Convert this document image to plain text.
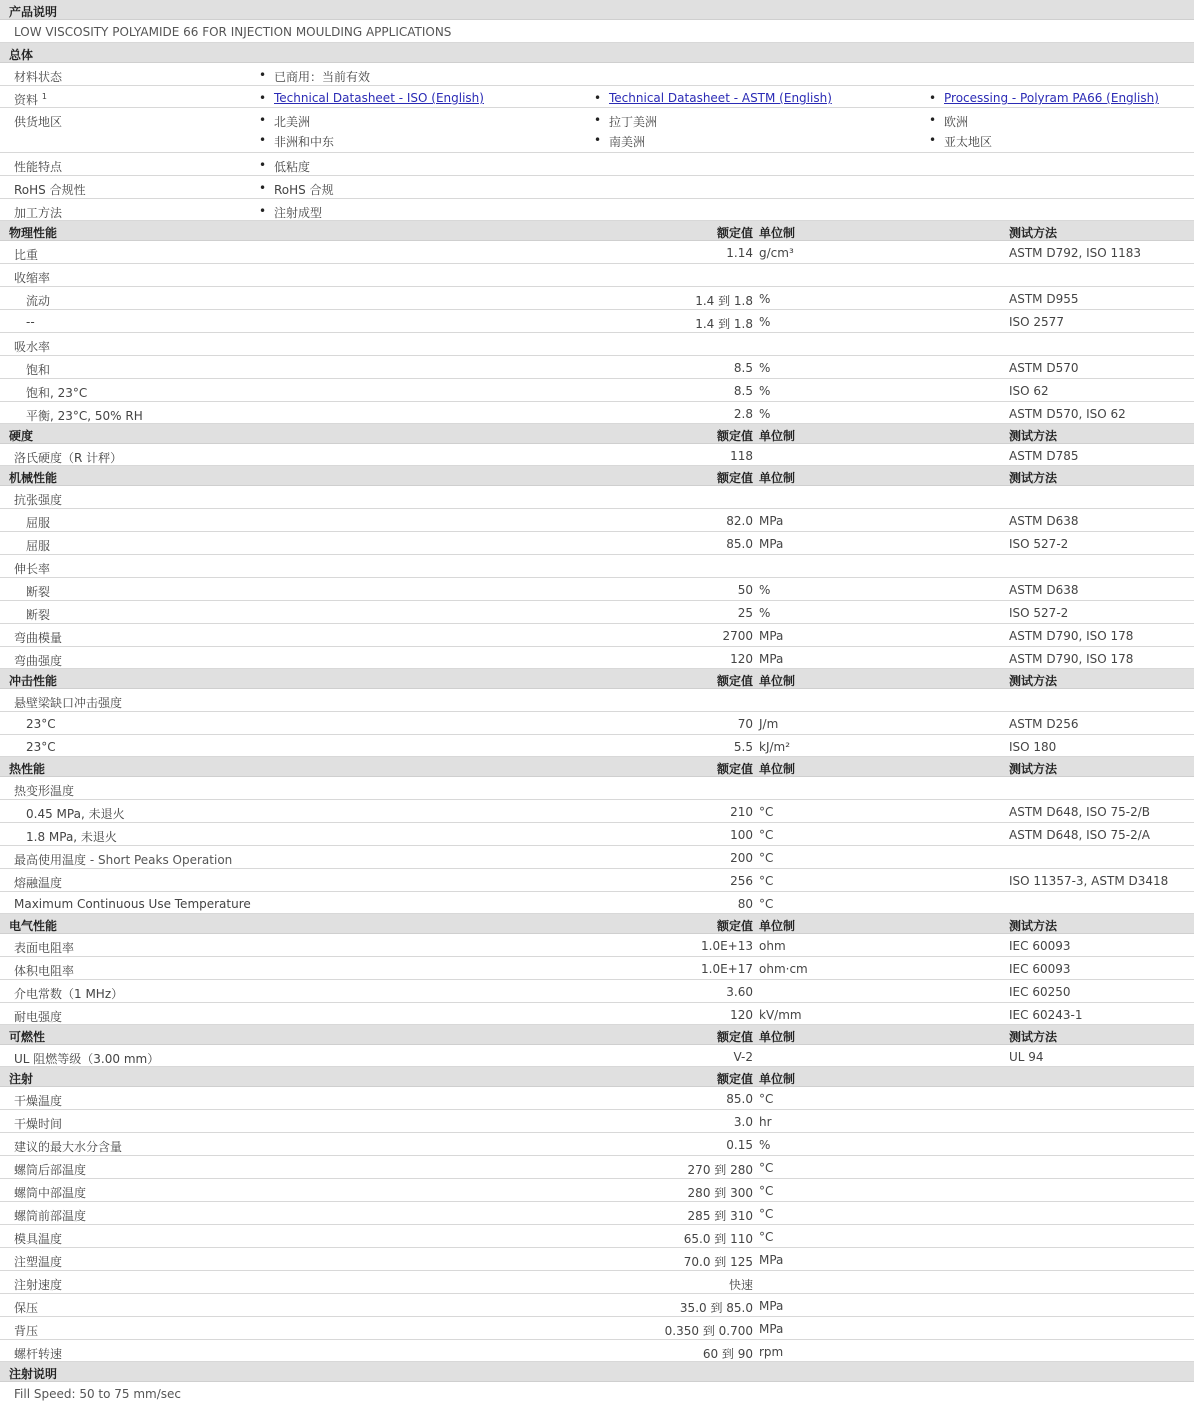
产品说明
LOW VISCOSITY POLYAMIDE 66 FOR INJECTION MOULDING APPLICATIONS
总体
材料状态	• 已商用：当前有效
资料 $^1$	• Technical Datasheet - ISO (English)	• Technical Datasheet - ASTM (English)	• Processing - Polyram PA66 (English)
供货地区	• 北美洲	• 拉丁美洲	• 欧洲
• 非洲和中东	• 南美洲	• 亚太地区
性能特点	• 低粘度
RoHS 合规性	• RoHS 合规
加工方法	• 注射成型
物理性能	额定值 单位制	测试方法
比重	1.14 g/cm³	ASTM D792, ISO 1183
收缩率
流动	1.4 到 1.8 %	ASTM D955
--	1.4 到 1.8 %	ISO 2577
吸水率
饱和	8.5 %	ASTM D570
饱和, 23°C	8.5 %	ISO 62
平衡, 23°C, 50% RH	2.8 %	ASTM D570, ISO 62
硬度	额定值 单位制	测试方法
洛氏硬度（R 计秤）	118	ASTM D785
机械性能	额定值 单位制	测试方法
抗张强度
屈服	82.0 MPa	ASTM D638
屈服	85.0 MPa	ISO 527-2
伸长率
断裂	50 %	ASTM D638
断裂	25 %	ISO 527-2
弯曲模量	2700 MPa	ASTM D790, ISO 178
弯曲强度	120 MPa	ASTM D790, ISO 178
冲击性能	额定值 单位制	测试方法
悬壁梁缺口冲击强度
23°C	70 J/m	ASTM D256
23°C	5.5 kJ/m²	ISO 180
热性能	额定值 单位制	测试方法
热变形温度
0.45 MPa, 未退火	210 °C	ASTM D648, ISO 75-2/B
1.8 MPa, 未退火	100 °C	ASTM D648, ISO 75-2/A
最高使用温度 - Short Peaks Operation	200 °C
熔融温度	256 °C	ISO 11357-3, ASTM D3418
Maximum Continuous Use Temperature	80 °C
电气性能	额定值 单位制	测试方法
表面电阻率	1.0E+13 ohm	IEC 60093
体积电阻率	1.0E+17 ohm·cm	IEC 60093
介电常数（1 MHz）	3.60	IEC 60250
耐电强度	120 kV/mm	IEC 60243-1
可燃性	额定值 单位制	测试方法
UL 阻燃等级（3.00 mm）	V-2	UL 94
注射	额定值 单位制
干燥温度	85.0 °C
干燥时间	3.0 hr
建议的最大水分含量	0.15 %
螺筒后部温度	270 到 280 °C
螺筒中部温度	280 到 300 °C
螺筒前部温度	285 到 310 °C
模具温度	65.0 到 110 °C
注塑温度	70.0 到 125 MPa
注射速度	快速
保压	35.0 到 85.0 MPa
背压	0.350 到 0.700 MPa
螺杆转速	60 到 90 rpm
注射说明
Fill Speed: 50 to 75 mm/sec
